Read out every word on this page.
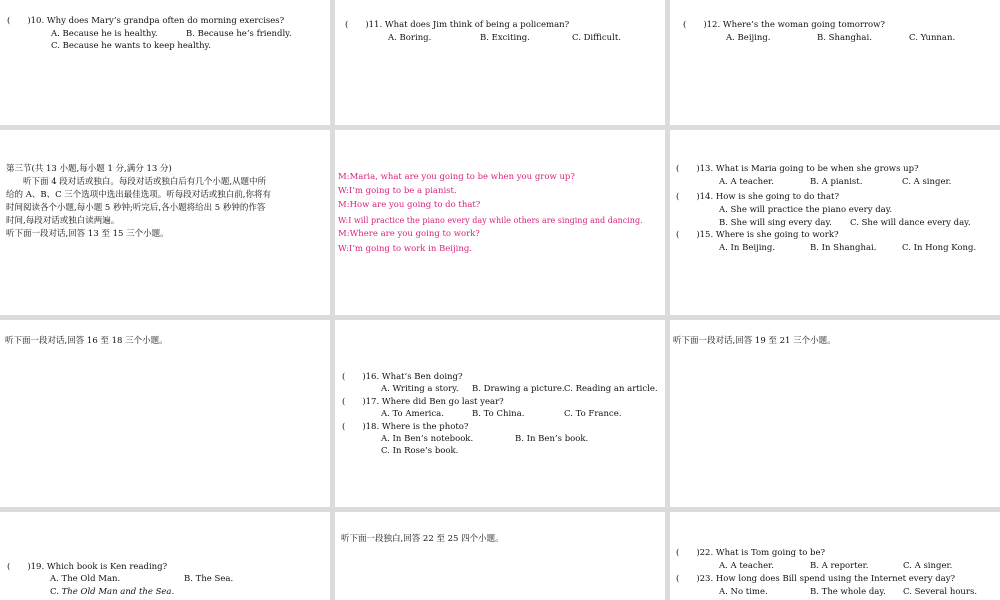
(　　)10. Why does Mary’s grandpa often do morning exercises?
A. Because he is healthy.	B. Because he’s friendly.
C. Because he wants to keep healthy.
(　　)11. What does Jim think of being a policeman?
A. Boring.	B. Exciting.	C. Difficult.
(　　)12. Where’s the woman going tomorrow?
A. Beijing.	B. Shanghai.	C. Yunnan.
第三节(共 13 小题,每小题 1 分,满分 13 分)
　　听下面 4 段对话或独白。每段对话或独白后有几个小题,从题中所
给的 A、B、C 三个选项中选出最佳选项。听每段对话或独白前,你将有
时间阅读各个小题,每小题 5 秒钟;听完后,各小题将给出 5 秒钟的作答
时间,每段对话或独白读两遍。
听下面一段对话,回答 13 至 15 三个小题。
M:Maria, what are you going to be when you grow up?
W:I’m going to be a pianist.
M:How are you going to do that?
W:I will practice the piano every day while others are singing and dancing.
M:Where are you going to work?
W:I’m going to work in Beijing.
(　　)13. What is Maria going to be when she grows up?
A. A teacher.	B. A pianist.	C. A singer.
(　　)14. How is she going to do that?
A. She will practice the piano every day.
B. She will sing every day. C. She will dance every day.
(　　)15. Where is she going to work?
A. In Beijing.	B. In Shanghai.	C. In Hong Kong.
听下面一段对话,回答 16 至 18 三个小题。
(　　)16. What’s Ben doing?
A. Writing a story. B. Drawing a picture. C. Reading an article.
(　　)17. Where did Ben go last year?
A. To America.	B. To China.	C. To France.
(　　)18. Where is the photo?
A. In Ben’s notebook.	B. In Ben’s book.
C. In Rose’s book.
听下面一段对话,回答 19 至 21 三个小题。
(　　)19. Which book is Ken reading?
A. The Old Man.	B. The Sea.
C. The Old Man and the Sea.
听下面一段独白,回答 22 至 25 四个小题。
(　　)22. What is Tom going to be?
A. A teacher.	B. A reporter.	C. A singer.
(　　)23. How long does Bill spend using the Internet every day?
A. No time.	B. The whole day. C. Several hours.
